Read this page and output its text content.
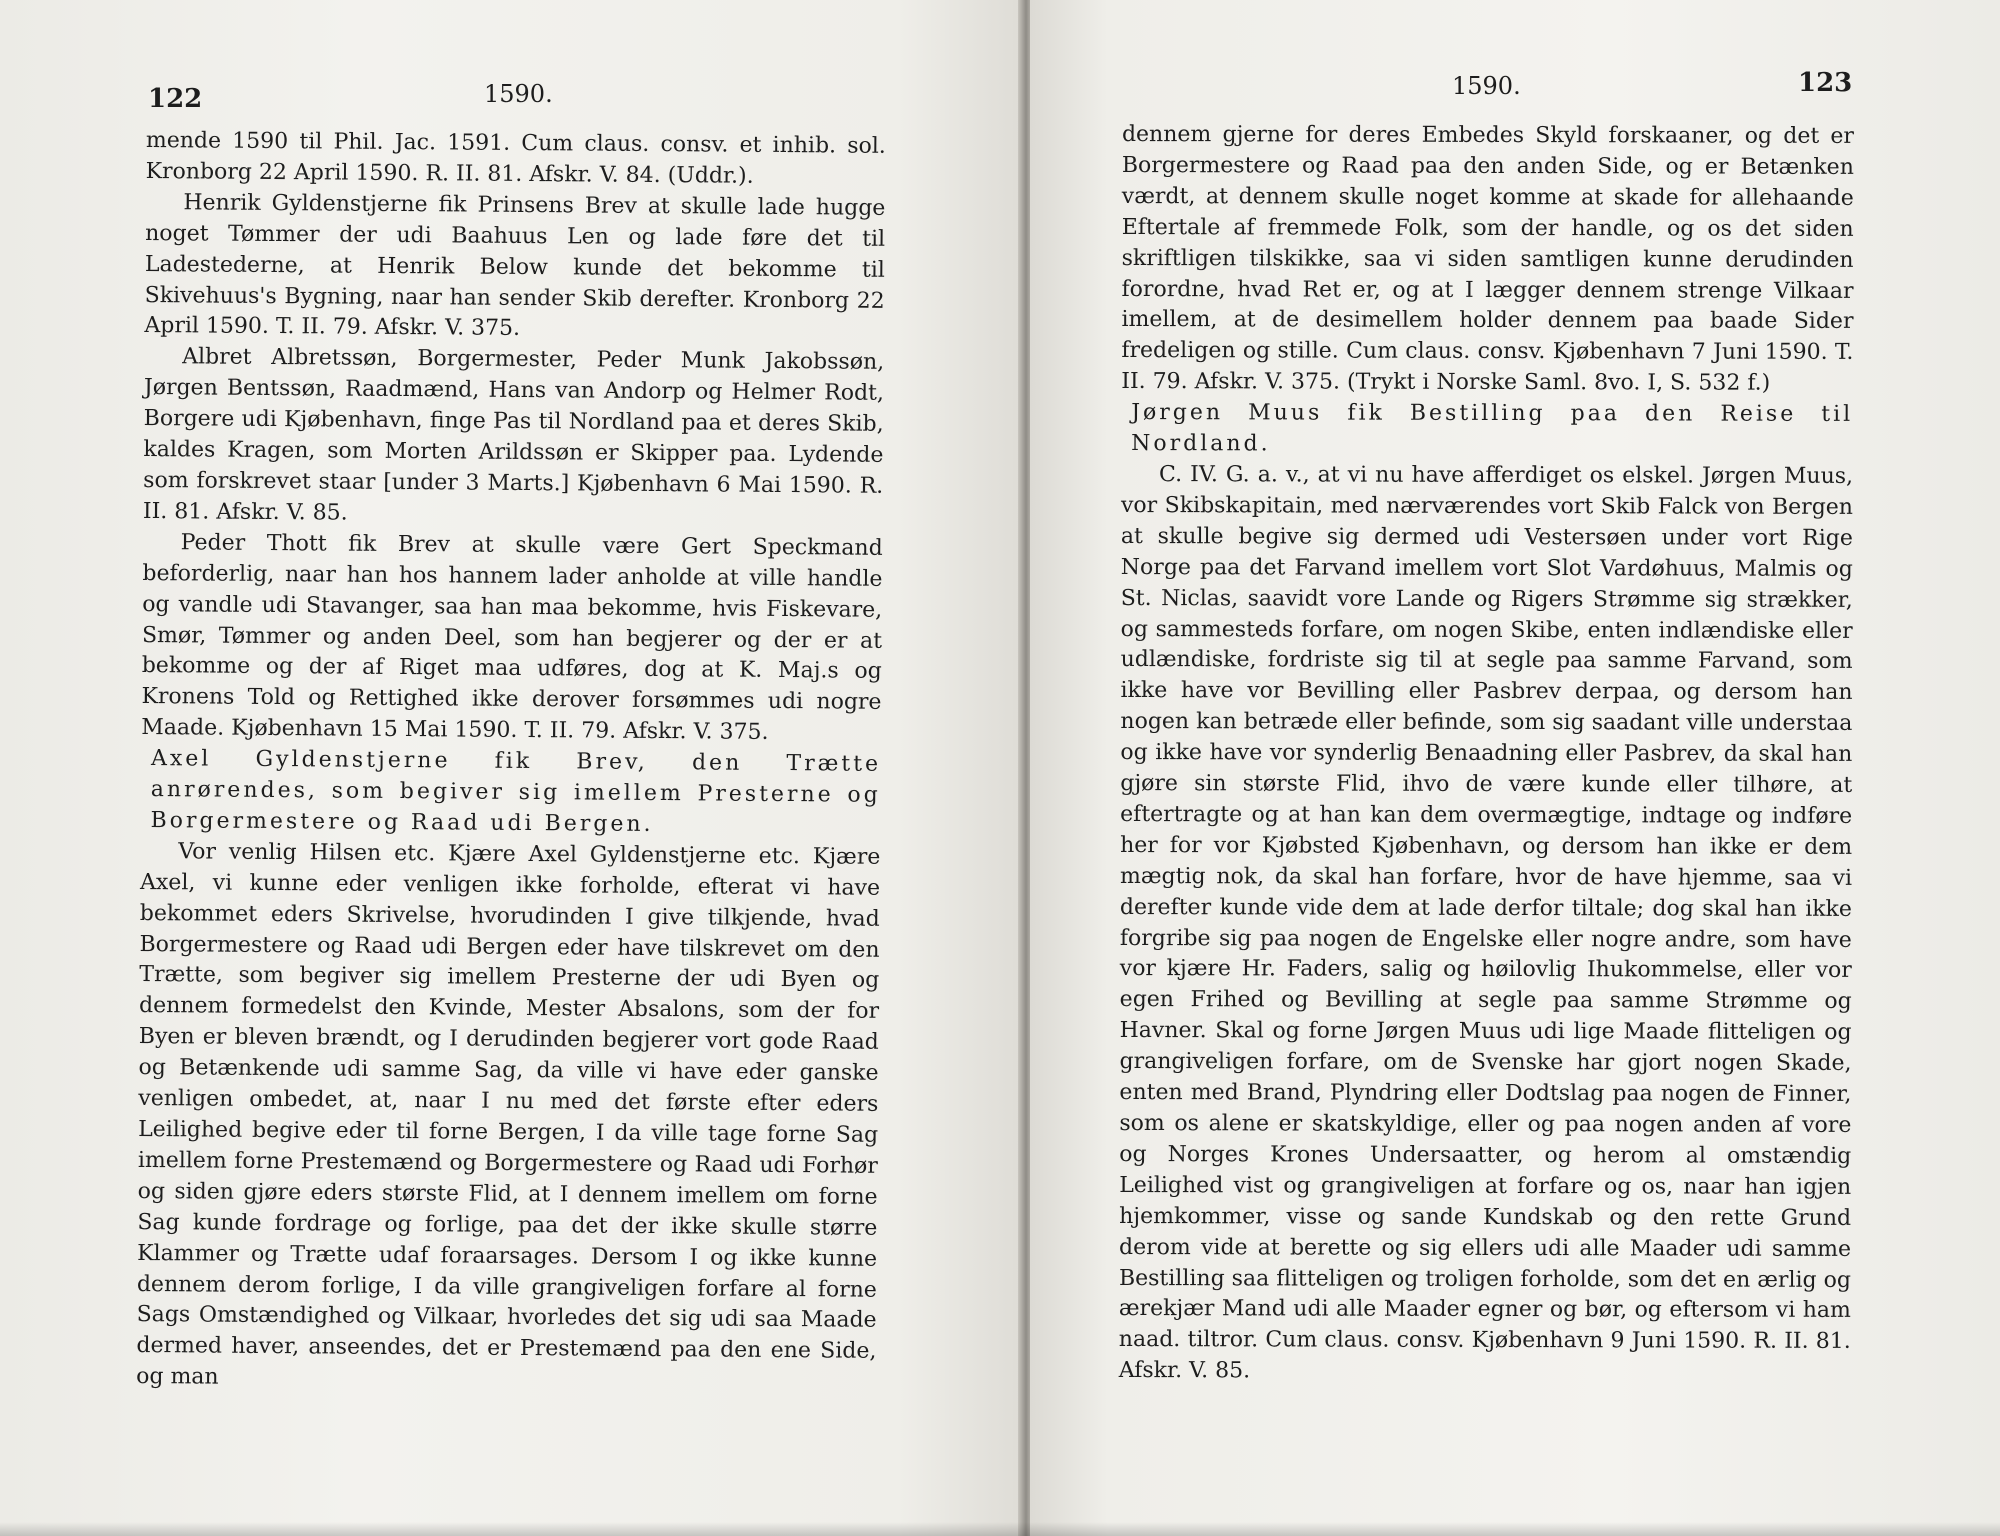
122	1590.

mende 1590 til Phil. Jac. 1591. Cum claus. consv. et inhib. sol. Kronborg 22 April 1590. R. II. 81. Afskr. V. 84. (Uddr.).

Henrik Gyldenstjerne fik Prinsens Brev at skulle lade hugge noget Tømmer der udi Baahuus Len og lade føre det til Ladestederne, at Henrik Below kunde det bekomme til Skivehuus's Bygning, naar han sender Skib derefter. Kronborg 22 April 1590. T. II. 79. Afskr. V. 375.

Albret Albretssøn, Borgermester, Peder Munk Jakobssøn, Jørgen Bentssøn, Raadmænd, Hans van Andorp og Helmer Rodt, Borgere udi Kjøbenhavn, finge Pas til Nordland paa et deres Skib, kaldes Kragen, som Morten Arildssøn er Skipper paa. Lydende som forskrevet staar [under 3 Marts.] Kjøbenhavn 6 Mai 1590. R. II. 81. Afskr. V. 85.

Peder Thott fik Brev at skulle være Gert Speckmand beforderlig, naar han hos hannem lader anholde at ville handle og vandle udi Stavanger, saa han maa bekomme, hvis Fiskevare, Smør, Tømmer og anden Deel, som han begjerer og der er at bekomme og der af Riget maa udføres, dog at K. Maj.s og Kronens Told og Rettighed ikke derover forsømmes udi nogre Maade. Kjøbenhavn 15 Mai 1590. T. II. 79. Afskr. V. 375.

Axel Gyldenstjerne fik Brev, den Trætte anrørendes, som begiver sig imellem Presterne og Borgermestere og Raad udi Bergen.

Vor venlig Hilsen etc. Kjære Axel Gyldenstjerne etc. Kjære Axel, vi kunne eder venligen ikke forholde, efterat vi have bekommet eders Skrivelse, hvorudinden I give tilkjende, hvad Borgermestere og Raad udi Bergen eder have tilskrevet om den Trætte, som begiver sig imellem Presterne der udi Byen og dennem formedelst den Kvinde, Mester Absalons, som der for Byen er bleven brændt, og I derudinden begjerer vort gode Raad og Betænkende udi samme Sag, da ville vi have eder ganske venligen ombedet, at, naar I nu med det første efter eders Leilighed begive eder til forne Bergen, I da ville tage forne Sag imellem forne Prestemænd og Borgermestere og Raad udi Forhør og siden gjøre eders største Flid, at I dennem imellem om forne Sag kunde fordrage og forlige, paa det der ikke skulle større Klammer og Trætte udaf foraarsages. Dersom I og ikke kunne dennem derom forlige, I da ville grangiveligen forfare al forne Sags Omstændighed og Vilkaar, hvorledes det sig udi saa Maade dermed haver, anseendes, det er Prestemænd paa den ene Side, og man

1590.	123

dennem gjerne for deres Embedes Skyld forskaaner, og det er Borgermestere og Raad paa den anden Side, og er Betænken værdt, at dennem skulle noget komme at skade for allehaande Eftertale af fremmede Folk, som der handle, og os det siden skriftligen tilskikke, saa vi siden samtligen kunne derudinden forordne, hvad Ret er, og at I lægger dennem strenge Vilkaar imellem, at de desimellem holder dennem paa baade Sider fredeligen og stille. Cum claus. consv. Kjøbenhavn 7 Juni 1590. T. II. 79. Afskr. V. 375. (Trykt i Norske Saml. 8vo. I, S. 532 f.)

Jørgen Muus fik Bestilling paa den Reise til Nordland.

C. IV. G. a. v., at vi nu have afferdiget os elskel. Jørgen Muus, vor Skibskapitain, med nærværendes vort Skib Falck von Bergen at skulle begive sig dermed udi Vestersøen under vort Rige Norge paa det Farvand imellem vort Slot Vardøhuus, Malmis og St. Niclas, saavidt vore Lande og Rigers Strømme sig strækker, og sammesteds forfare, om nogen Skibe, enten indlændiske eller udlændiske, fordriste sig til at segle paa samme Farvand, som ikke have vor Bevilling eller Pasbrev derpaa, og dersom han nogen kan betræde eller befinde, som sig saadant ville understaa og ikke have vor synderlig Benaadning eller Pasbrev, da skal han gjøre sin største Flid, ihvo de være kunde eller tilhøre, at eftertragte og at han kan dem overmægtige, indtage og indføre her for vor Kjøbsted Kjøbenhavn, og dersom han ikke er dem mægtig nok, da skal han forfare, hvor de have hjemme, saa vi derefter kunde vide dem at lade derfor tiltale; dog skal han ikke forgribe sig paa nogen de Engelske eller nogre andre, som have vor kjære Hr. Faders, salig og høilovlig Ihukommelse, eller vor egen Frihed og Bevilling at segle paa samme Strømme og Havner. Skal og forne Jørgen Muus udi lige Maade flitteligen og grangiveligen forfare, om de Svenske har gjort nogen Skade, enten med Brand, Plyndring eller Dodtslag paa nogen de Finner, som os alene er skatskyldige, eller og paa nogen anden af vore og Norges Krones Undersaatter, og herom al omstændig Leilighed vist og grangiveligen at forfare og os, naar han igjen hjemkommer, visse og sande Kundskab og den rette Grund derom vide at berette og sig ellers udi alle Maader udi samme Bestilling saa flitteligen og troligen forholde, som det en ærlig og ærekjær Mand udi alle Maader egner og bør, og eftersom vi ham naad. tiltror. Cum claus. consv. Kjøbenhavn 9 Juni 1590. R. II. 81. Afskr. V. 85.
